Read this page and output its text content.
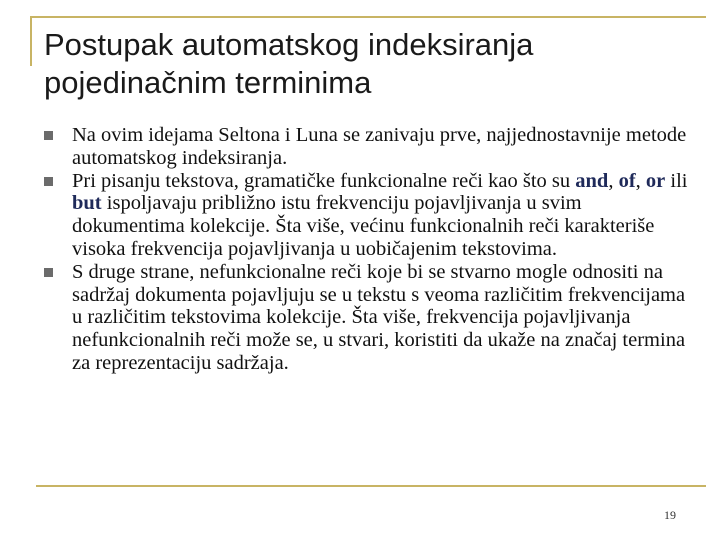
Postupak automatskog indeksiranja
pojedinačnim terminima
Na ovim idejama Seltona i Luna se zanivaju prve, najjednostavnije metode automatskog indeksiranja.
Pri pisanju tekstova, gramatičke funkcionalne reči kao što su and, of, or ili but ispoljavaju približno istu frekvenciju pojavljivanja u svim dokumentima kolekcije. Šta više, većinu funkcionalnih reči karakteriše visoka frekvencija pojavljivanja u uobičajenim tekstovima.
S druge strane, nefunkcionalne reči koje bi se stvarno mogle odnositi na sadržaj dokumenta pojavljuju se u tekstu s veoma različitim frekvencijama u različitim tekstovima kolekcije. Šta više, frekvencija pojavljivanja nefunkcionalnih reči može se, u stvari, koristiti da ukaže na značaj termina za reprezentaciju sadržaja.
19
